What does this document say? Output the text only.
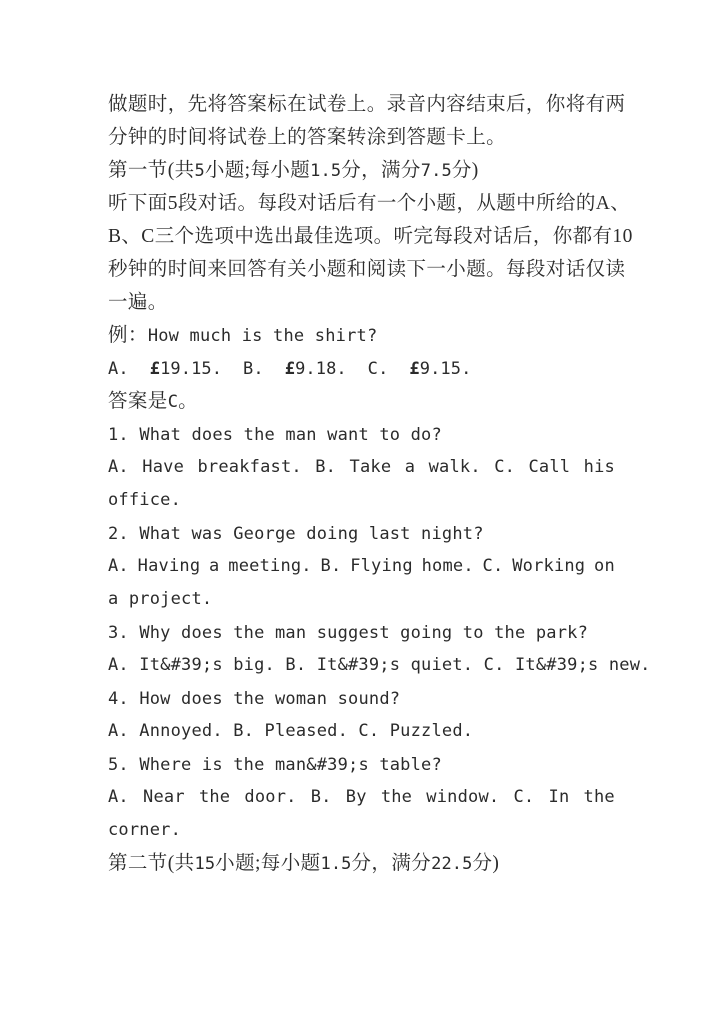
做题时，先将答案标在试卷上。录音内容结束后，你将有两
分钟的时间将试卷上的答案转涂到答题卡上。
第一节(共5小题;每小题1.5分，满分7.5分)
听下面5段对话。每段对话后有一个小题，从题中所给的A、
B、C三个选项中选出最佳选项。听完每段对话后，你都有10
秒钟的时间来回答有关小题和阅读下一小题。每段对话仅读
一遍。
例：How much is the shirt?
A. £19.15. B. £9.18. C. £9.15.
答案是C。
1. What does the man want to do?
A. Have breakfast. B. Take a walk. C. Call his
office.
2. What was George doing last night?
A. Having a meeting. B. Flying home. C. Working on
a project.
3. Why does the man suggest going to the park?
A. It&#39;s big. B. It&#39;s quiet. C. It&#39;s new.
4. How does the woman sound?
A. Annoyed. B. Pleased. C. Puzzled.
5. Where is the man&#39;s table?
A. Near the door. B. By the window. C. In the
corner.
第二节(共15小题;每小题1.5分，满分22.5分)
